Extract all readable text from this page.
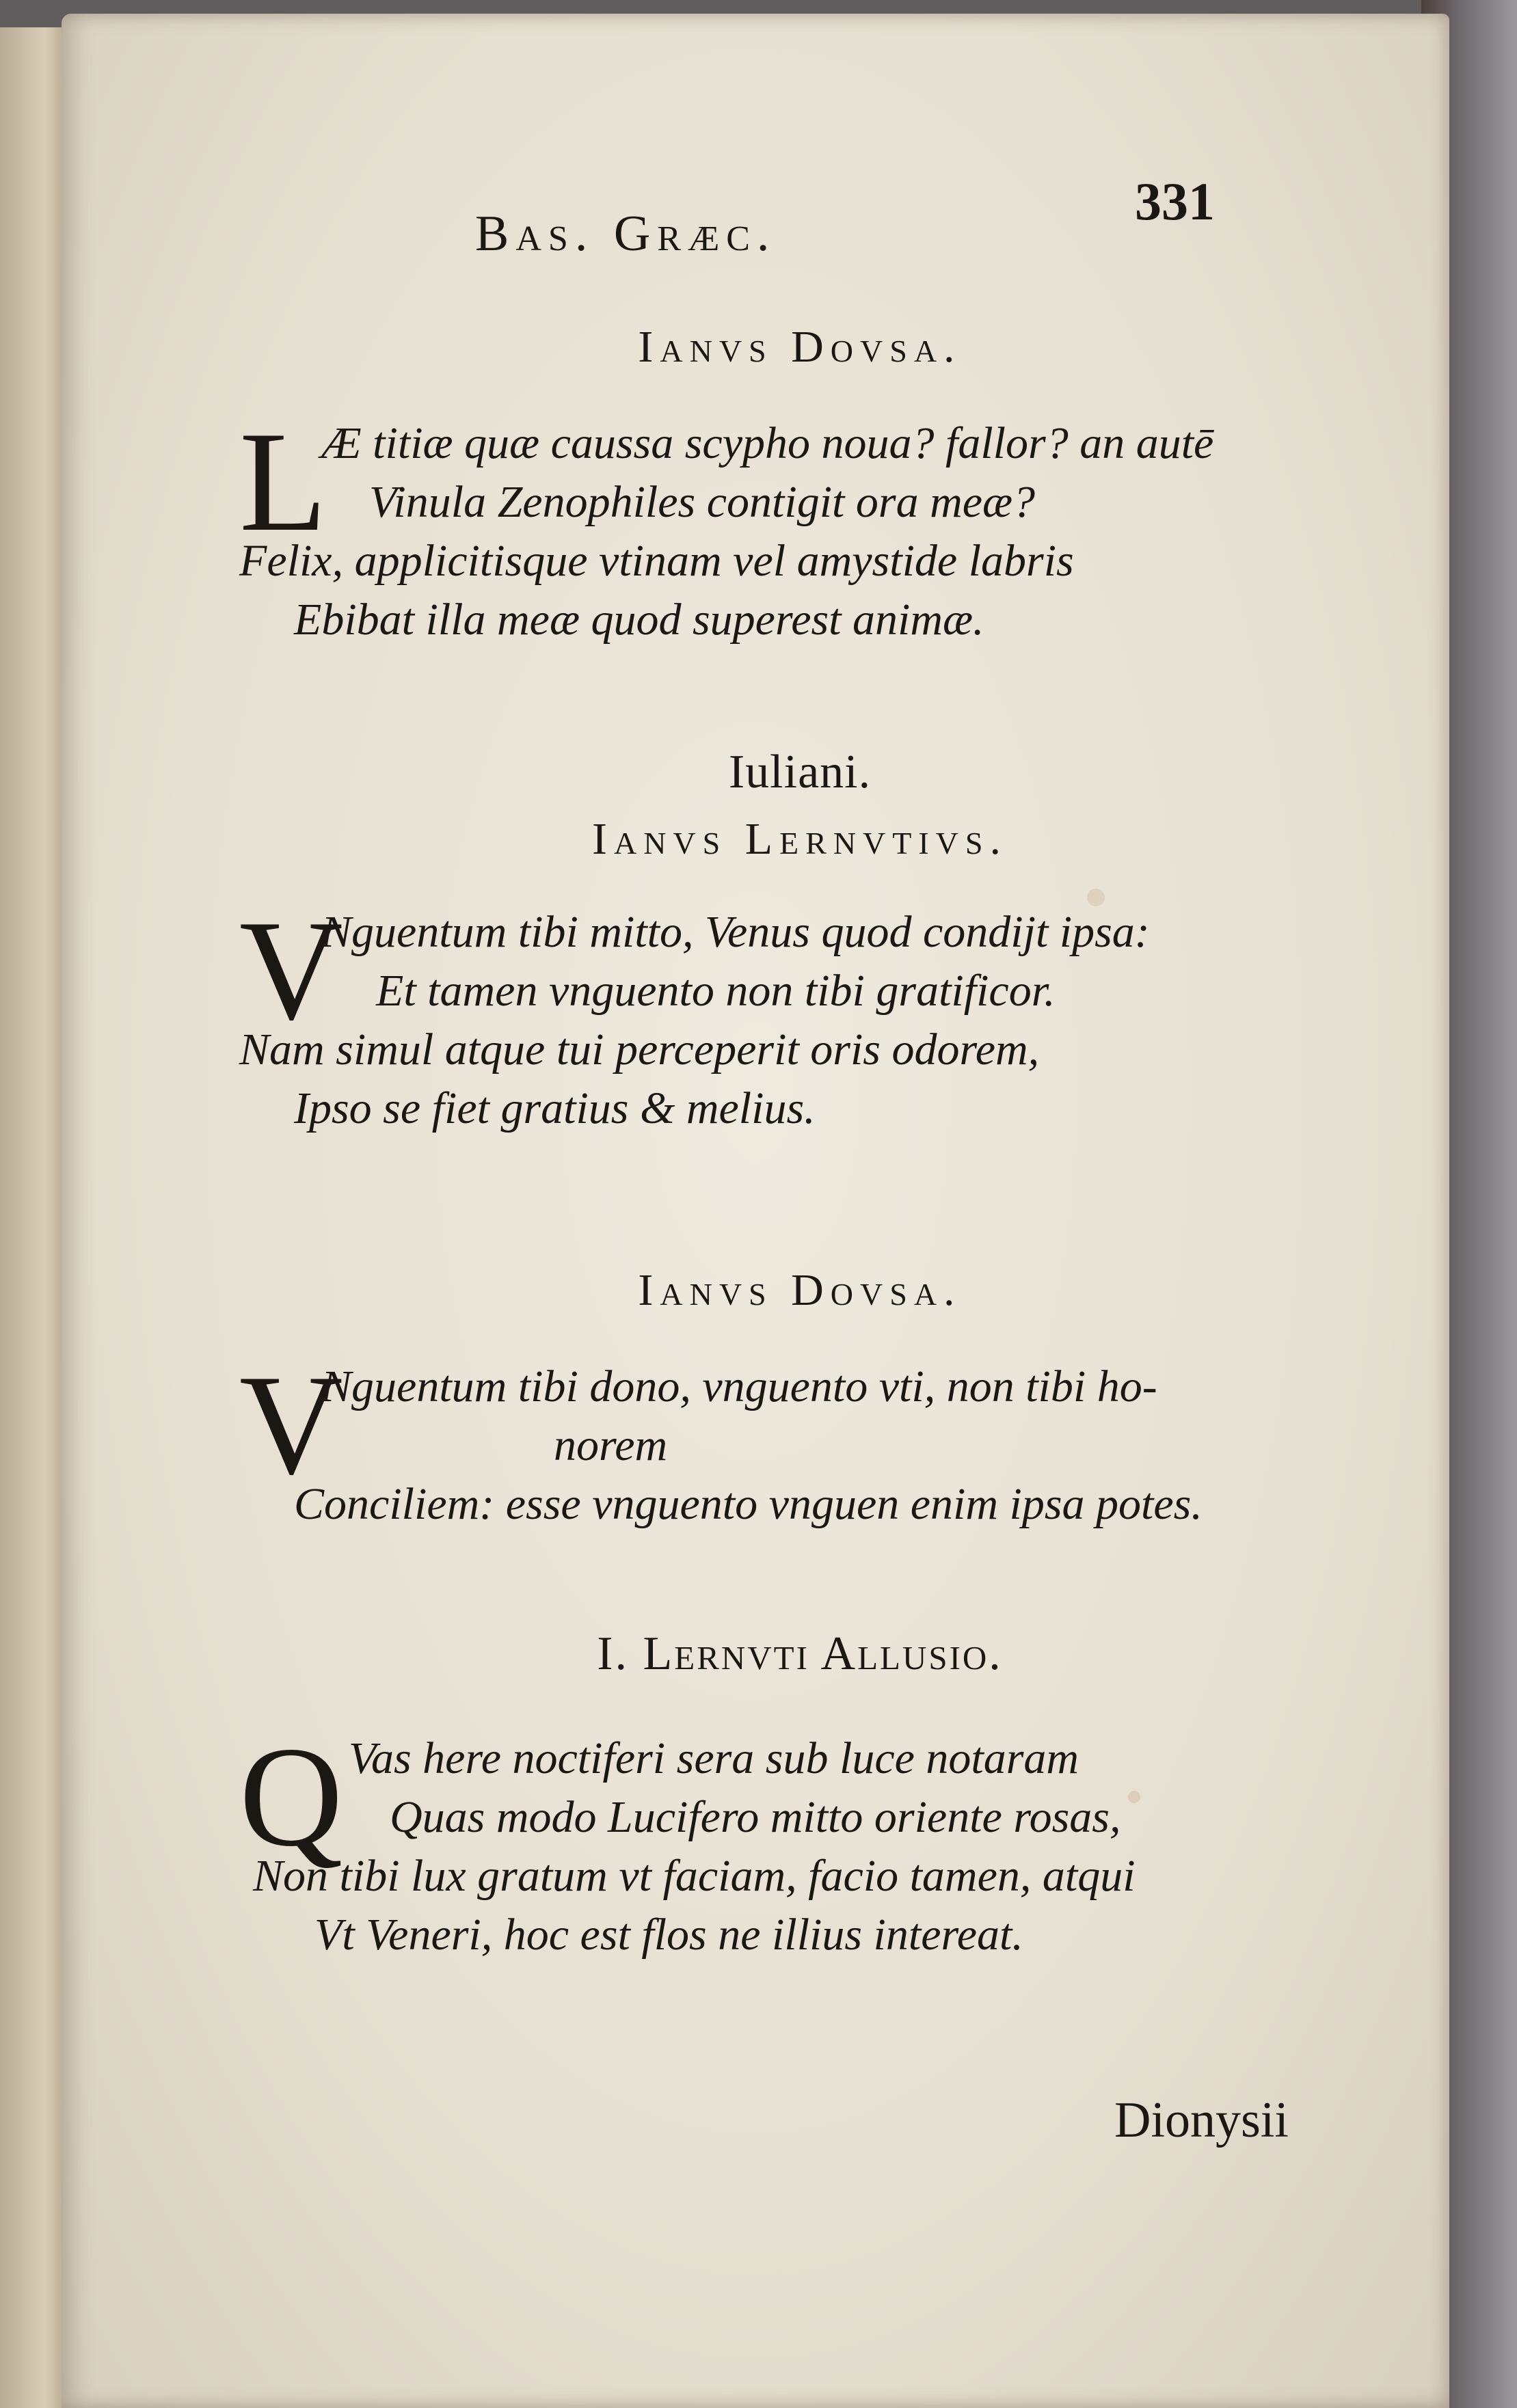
Bas. Græc.
331
Ianvs Dovsa.
L
Æ titiæ quæ caussa scypho noua? fallor? an autē
Vinula Zenophiles contigit ora meæ?
Felix, applicitisque vtinam vel amystide labris
Ebibat illa meæ quod superest animæ.
Iuliani.
Ianvs Lernvtivs.
V
Nguentum tibi mitto, Venus quod condijt ipsa:
Et tamen vnguento non tibi gratificor.
Nam simul atque tui perceperit oris odorem,
Ipso se fiet gratius & melius.
Ianvs Dovsa.
V
Nguentum tibi dono, vnguento vti, non tibi ho-
norem
Conciliem: esse vnguento vnguen enim ipsa potes.
I. Lernvti Allusio.
Q Vas here noctiferi sera sub luce notaram
Quas modo Lucifero mitto oriente rosas,
Non tibi lux gratum vt faciam, facio tamen, atqui
Vt Veneri, hoc est flos ne illius intereat.
Dionysii
